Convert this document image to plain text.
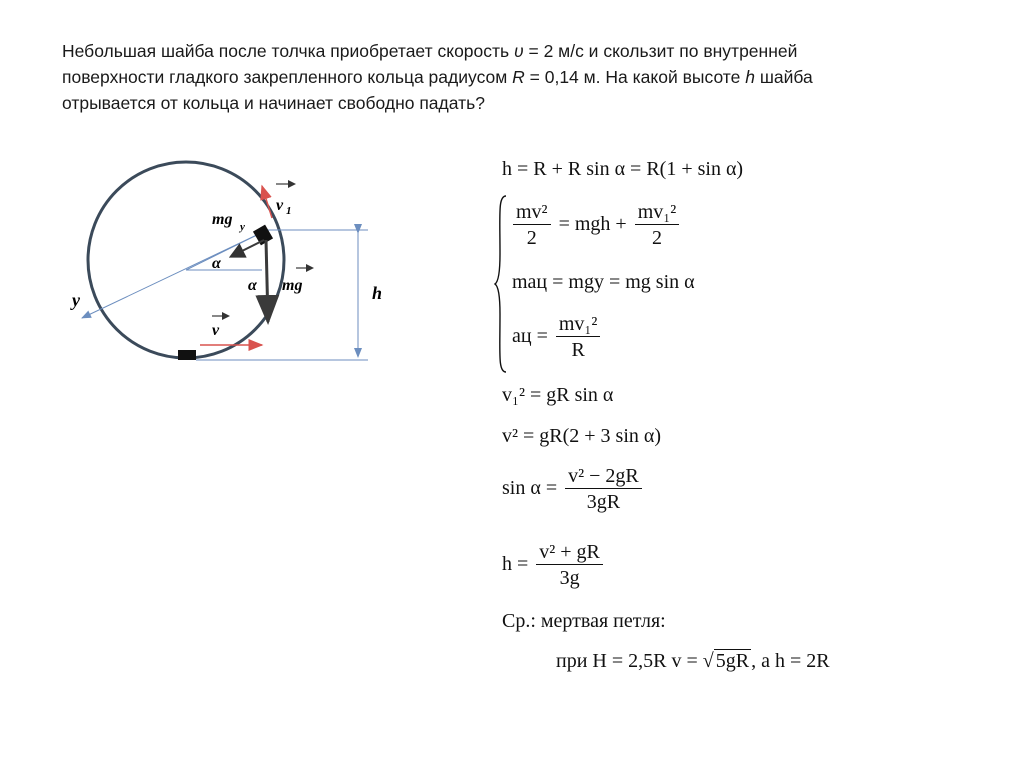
Небольшая шайба после толчка приобретает скорость υ = 2 м/с и скользит по внутренней
поверхности гладкого закрепленного кольца радиусом R = 0,14 м. На какой высоте h шайба
отрывается от кольца и начинает свободно падать?
v 1
mg y
α
α mg	h
y
v
h = R + R sin α = R(1 + sin α)
$\frac{\text{mv²}}{2}$ = mgh + $\frac{\text{mv₁²}}{2}$
maц = mgy = mg sin α
aц = $\frac{\text{mv₁²}}{R}$
v₁² = gR sin α
v² = gR(2 + 3 sin α)
$\sin \alpha = \frac{\text{v² − 2gR}}{3gR}$
$h = \frac{\text{v² + gR}}{3g}$
Ср.: мертвая петля:
при H = 2,5R v = √ 5gR , а h = 2R
